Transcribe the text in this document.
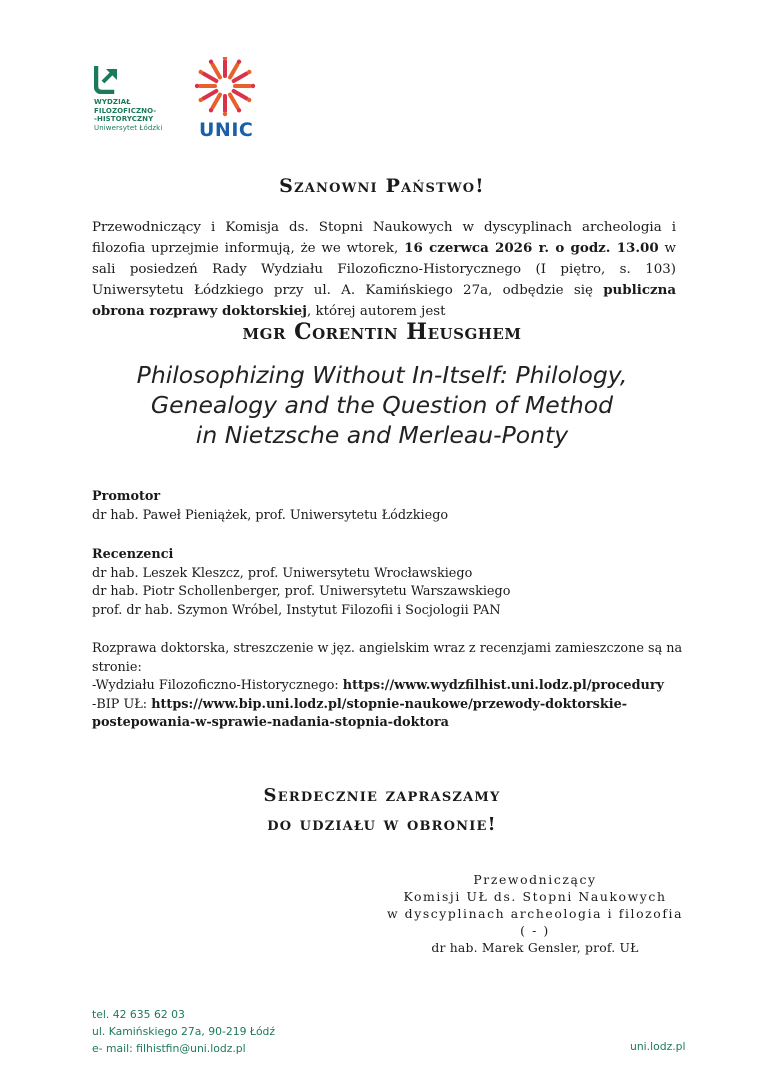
WYDZIAŁ
FILOZOFICZNO-
-HISTORYCZNY
Uniwersytet Łódzki UNIC
Szanowni Państwo!
Przewodniczący i Komisja ds. Stopni Naukowych w dyscyplinach archeologia i filozofia uprzejmie informują, że we wtorek, 16 czerwca 2026 r. o godz. 13.00 w sali posiedzeń Rady Wydziału Filozoficzno-Historycznego (I piętro, s. 103) Uniwersytetu Łódzkiego przy ul. A. Kamińskiego 27a, odbędzie się publiczna obrona rozprawy doktorskiej, której autorem jest
mgr Corentin Heusghem
Philosophizing Without In-Itself: Philology,
Genealogy and the Question of Method
in Nietzsche and Merleau-Ponty
Promotor
dr hab. Paweł Pieniążek, prof. Uniwersytetu Łódzkiego
Recenzenci
dr hab. Leszek Kleszcz, prof. Uniwersytetu Wrocławskiego
dr hab. Piotr Schollenberger, prof. Uniwersytetu Warszawskiego
prof. dr hab. Szymon Wróbel, Instytut Filozofii i Socjologii PAN
Rozprawa doktorska, streszczenie w jęz. angielskim wraz z recenzjami zamieszczone są na stronie:
-Wydziału Filozoficzno-Historycznego: https://www.wydzfilhist.uni.lodz.pl/procedury
-BIP UŁ: https://www.bip.uni.lodz.pl/stopnie-naukowe/przewody-doktorskie-postepowania-w-sprawie-nadania-stopnia-doktora
Serdecznie zapraszamy
do udziału w obronie!
Przewodniczący
Komisji UŁ ds. Stopni Naukowych
w dyscyplinach archeologia i filozofia
( - )
dr hab. Marek Gensler, prof. UŁ
tel. 42 635 62 03
ul. Kamińskiego 27a, 90-219 Łódź
e- mail: filhistfin@uni.lodz.pl	uni.lodz.pl
